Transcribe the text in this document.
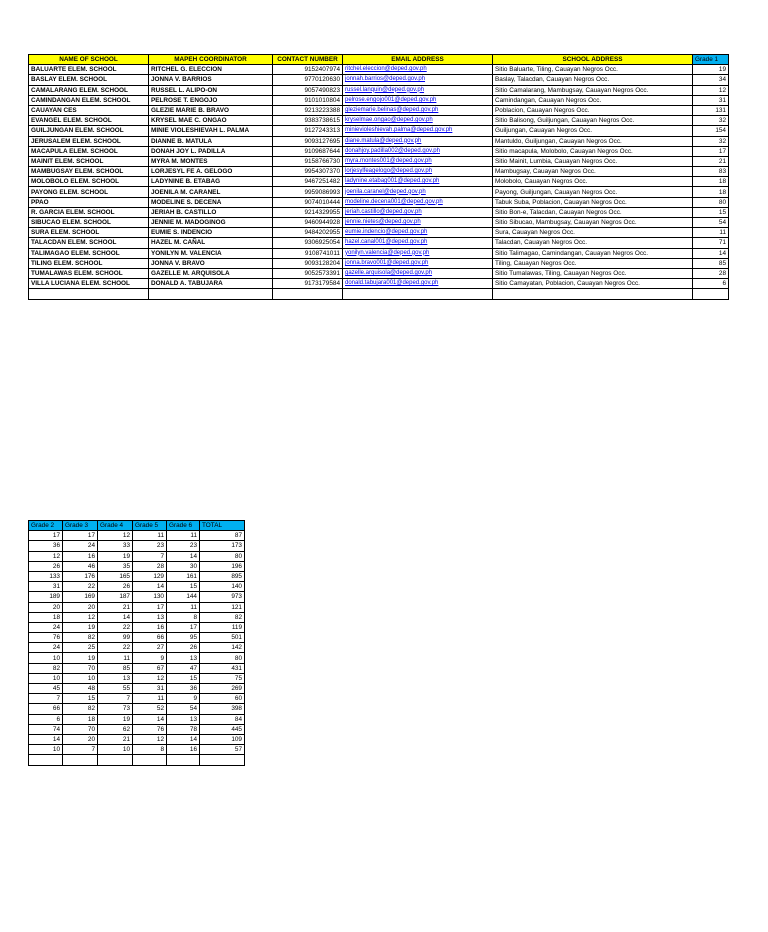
NAME OF SCHOOL	MAPEH COORDINATOR	CONTACT NUMBER	EMAIL ADDRESS	SCHOOL ADDRESS	Grade 1
BALUARTE ELEM. SCHOOL	RITCHEL G. ELECCION	9152407974	ritchel.eleccion@deped.gov.ph	Sitio Baluarte, Tiling, Cauayan Negros Occ.	19
BASLAY ELEM. SCHOOL	JONNA V. BARRIOS	9770120630	jonnah.barrios@deped.gov.ph	Baslay, Talacdan, Cauayan Negros Occ.	34
CAMALARANG ELEM. SCHOOL	RUSSEL L. ALIPO-ON	9057490823	russel.lanquin@deped.gov.ph	Sitio Camalarang, Mambugsay, Cauayan Negros Occ.	12
CAMINDANGAN ELEM. SCHOOL	PELROSE T. ENGOJO	9101010804	pelrose.engojo001@deped.gov.ph	Camindangan, Cauayan Negros Occ.	31
CAUAYAN CES	GLEZIE MARIE B. BRAVO	9213223388	gleziemarie.belinas@deped.gov.ph	Poblacion, Cauayan Negros Occ.	131
EVANGEL ELEM. SCHOOL	KRYSEL MAE C. ONGAO	9383738615	kryselmae.ongao@deped.gov.ph	Sitio Balisong, Guiljungan, Cauayan Negros Occ.	32
GUILJUNGAN ELEM. SCHOOL	MINIE VIOLESHIEVAH L. PALMA	9127243313	minievioleshievah.palma@deped.gov.ph	Guiljungan, Cauayan Negros Occ.	154
JERUSALEM ELEM. SCHOOL	DIANNE B. MATULA	9093127695	diane.matula@deped.gov.ph	Mantuldo, Guiljungan, Cauayan Negros Occ.	32
MACAPULA ELEM. SCHOOL	DONAH JOY L. PADILLA	9109687644	donahjoy.padilla002@deped.gov.ph	Sitio macapula, Molobolo, Cauayan Negros Occ.	17
MAINIT ELEM. SCHOOL	MYRA M. MONTES	9158766730	myra.montes001@deped.gov.ph	Sitio Mainit, Lumbia, Cauayan Negros Occ.	21
MAMBUGSAY ELEM. SCHOOL	LORJESYL FE A. GELOGO	9954307370	lorjesylfeagelogo@deped.gov.ph	Mambugsay, Cauayan Negros Occ.	83
MOLOBOLO ELEM. SCHOOL	LADYNINE B. ETABAG	9467251482	ladynine.etabag001@deped.gov.ph	Molobolo, Cauayan Negros Occ.	18
PAYONG ELEM. SCHOOL	JOENILA M. CARANEL	9959086993	joenila.caranel@deped.gov.ph	Payong, Guiljungan, Cauayan Negros Occ.	18
PPAO	MODELINE S. DECENA	9074010444	modeline.decena001@deped.gov.ph	Tabuk Suba, Poblacion, Cauayan Negros Occ.	80
R. GARCIA ELEM. SCHOOL	JERIAH B. CASTILLO	9214329955	jeriah.castillo@deped.gov.ph	Sitio Bon-e, Talacdan, Cauayan Negros Occ.	15
SIBUCAO ELEM. SCHOOL	JENNIE M. MADOGINOG	9460944928	jennie.nietes@deped.gov.ph	Sitio Sibucao, Mambugsay, Cauayan Negros Occ.	54
SURA ELEM. SCHOOL	EUMIE S. INDENCIO	9484202955	eumie.indencio@deped.gov.ph	Sura, Cauayan Negros Occ.	11
TALACDAN ELEM. SCHOOL	HAZEL M. CAÑAL	9306925054	hazel.canal001@deped.gov.ph	Talacdan, Cauayan Negros Occ.	71
TALIMAGAO ELEM. SCHOOL	YONILYN M. VALENCIA	9108741011	yonilyn.valencia@deped.gov.ph	Sitio Talimagao, Camindangan, Cauayan Negros Occ.	14
TILING ELEM. SCHOOL	JONNA V. BRAVO	9093128204	jonna.bravo001@deped.gov.ph	Tiling, Cauayan Negros Occ.	85
TUMALAWAS ELEM. SCHOOL	GAZELLE M. ARQUISOLA	9052573391	gazelle.arquisola@deped.gov.ph	Sitio Tumalawas, Tiling, Cauayan Negros Occ.	28
VILLA LUCIANA ELEM. SCHOOL	DONALD A. TABUJARA	9173179584	donald.tabujara001@deped.gov.ph	Sitio Camayatan, Poblacion, Cauayan Negros Occ.	6

Grade 2	Grade 3	Grade 4	Grade 5	Grade 6	TOTAL
17	17	12	11	11	87
36	24	33	23	23	173
12	16	19	7	14	80
26	46	35	28	30	196
133	176	165	129	161	895
31	22	26	14	15	140
189	169	187	130	144	973
20	20	21	17	11	121
18	12	14	13	8	82
24	19	22	16	17	119
76	82	99	66	95	501
24	25	22	27	26	142
10	19	11	9	13	80
82	70	85	67	47	431
10	10	13	12	15	75
45	48	55	31	36	269
7	15	7	11	9	60
66	82	73	52	54	398
6	18	19	14	13	84
74	70	62	76	78	445
14	20	21	12	14	109
10	7	10	8	16	57
